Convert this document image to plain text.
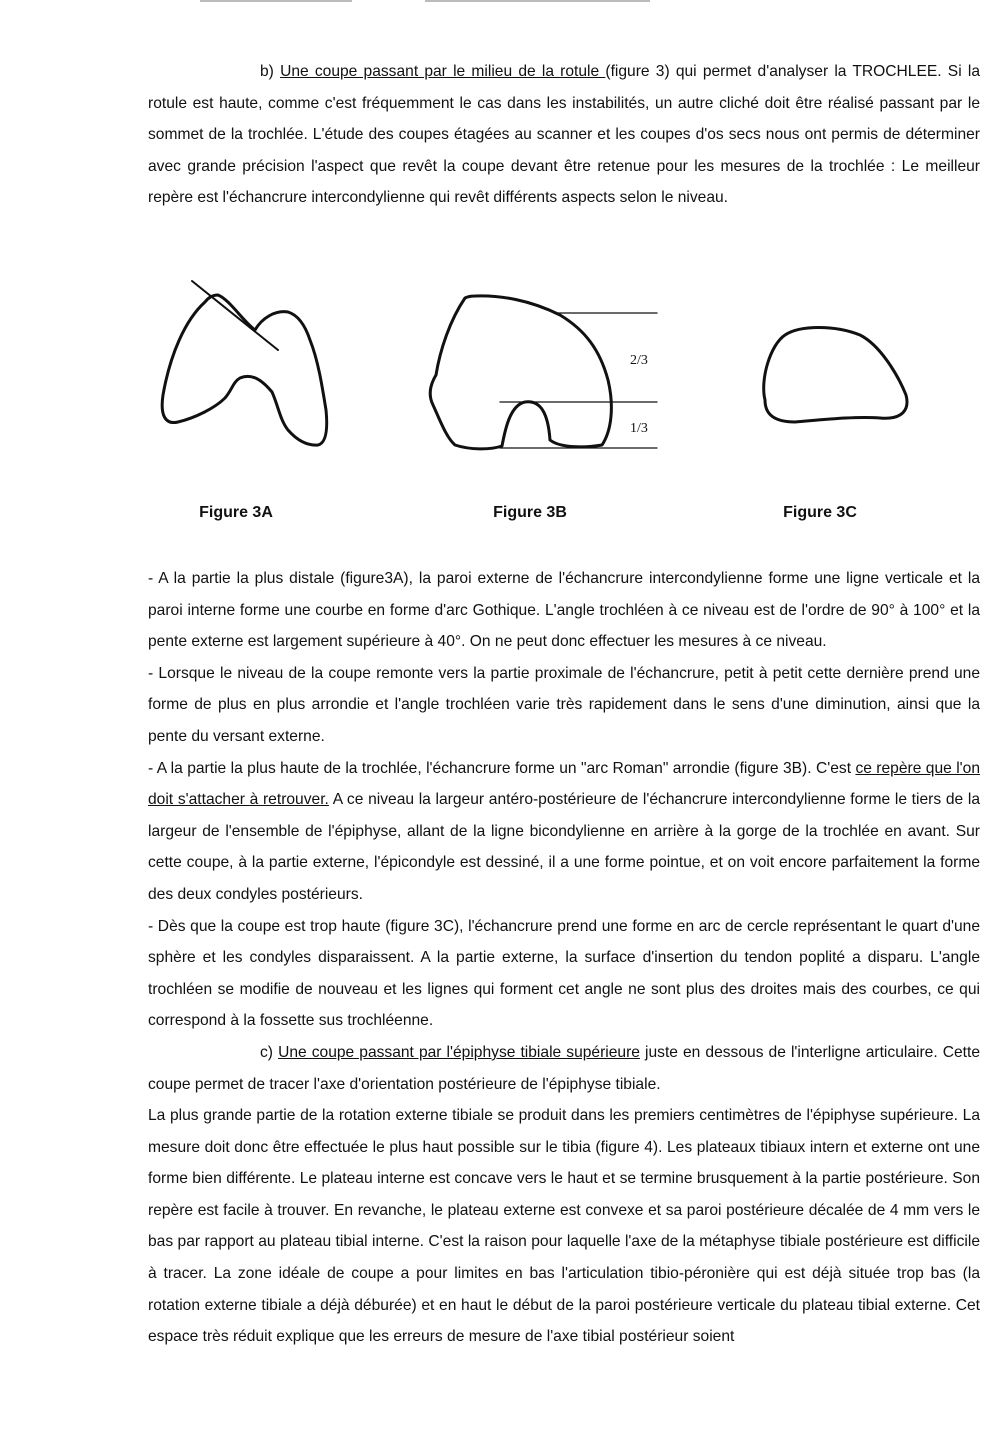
b) Une coupe passant par le milieu de la rotule (figure 3) qui permet d'analyser la TROCHLEE. Si la rotule est haute, comme c'est fréquemment le cas dans les instabilités, un autre cliché doit être réalisé passant par le sommet de la trochlée. L'étude des coupes étagées au scanner et les coupes d'os secs nous ont permis de déterminer avec grande précision l'aspect que revêt la coupe devant être retenue pour les mesures de la trochlée : Le meilleur repère est l'échancrure intercondylienne qui revêt différents aspects selon le niveau.

2/3
1/3
Figure 3A	Figure 3B	Figure 3C

- A la partie la plus distale (figure3A), la paroi externe de l'échancrure intercondylienne forme une ligne verticale et la paroi interne forme une courbe en forme d'arc Gothique. L'angle trochléen à ce niveau est de l'ordre de 90° à 100° et la pente externe est largement supérieure à 40°. On ne peut donc effectuer les mesures à ce niveau.

- Lorsque le niveau de la coupe remonte vers la partie proximale de l'échancrure, petit à petit cette dernière prend une forme de plus en plus arrondie et l'angle trochléen varie très rapidement dans le sens d'une diminution, ainsi que la pente du versant externe.

- A la partie la plus haute de la trochlée, l'échancrure forme un "arc Roman" arrondie (figure 3B). C'est ce repère que l'on doit s'attacher à retrouver. A ce niveau la largeur antéro-postérieure de l'échancrure intercondylienne forme le tiers de la largeur de l'ensemble de l'épiphyse, allant de la ligne bicondylienne en arrière à la gorge de la trochlée en avant. Sur cette coupe, à la partie externe, l'épicondyle est dessiné, il a une forme pointue, et on voit encore parfaitement la forme des deux condyles postérieurs.

- Dès que la coupe est trop haute (figure 3C), l'échancrure prend une forme en arc de cercle représentant le quart d'une sphère et les condyles disparaissent. A la partie externe, la surface d'insertion du tendon poplité a disparu. L'angle trochléen se modifie de nouveau et les lignes qui forment cet angle ne sont plus des droites mais des courbes, ce qui correspond à la fossette sus trochléenne.

c) Une coupe passant par l'épiphyse tibiale supérieure juste en dessous de l'interligne articulaire. Cette coupe permet de tracer l'axe d'orientation postérieure de l'épiphyse tibiale.

La plus grande partie de la rotation externe tibiale se produit dans les premiers centimètres de l'épiphyse supérieure. La mesure doit donc être effectuée le plus haut possible sur le tibia (figure 4). Les plateaux tibiaux intern et externe ont une forme bien différente. Le plateau interne est concave vers le haut et se termine brusquement à la partie postérieure. Son repère est facile à trouver. En revanche, le plateau externe est convexe et sa paroi postérieure décalée de 4 mm vers le bas par rapport au plateau tibial interne. C'est la raison pour laquelle l'axe de la métaphyse tibiale postérieure est difficile à tracer. La zone idéale de coupe a pour limites en bas l'articulation tibio-péronière qui est déjà située trop bas (la rotation externe tibiale a déjà déburée) et en haut le début de la paroi postérieure verticale du plateau tibial externe. Cet espace très réduit explique que les erreurs de mesure de l'axe tibial postérieur soient
